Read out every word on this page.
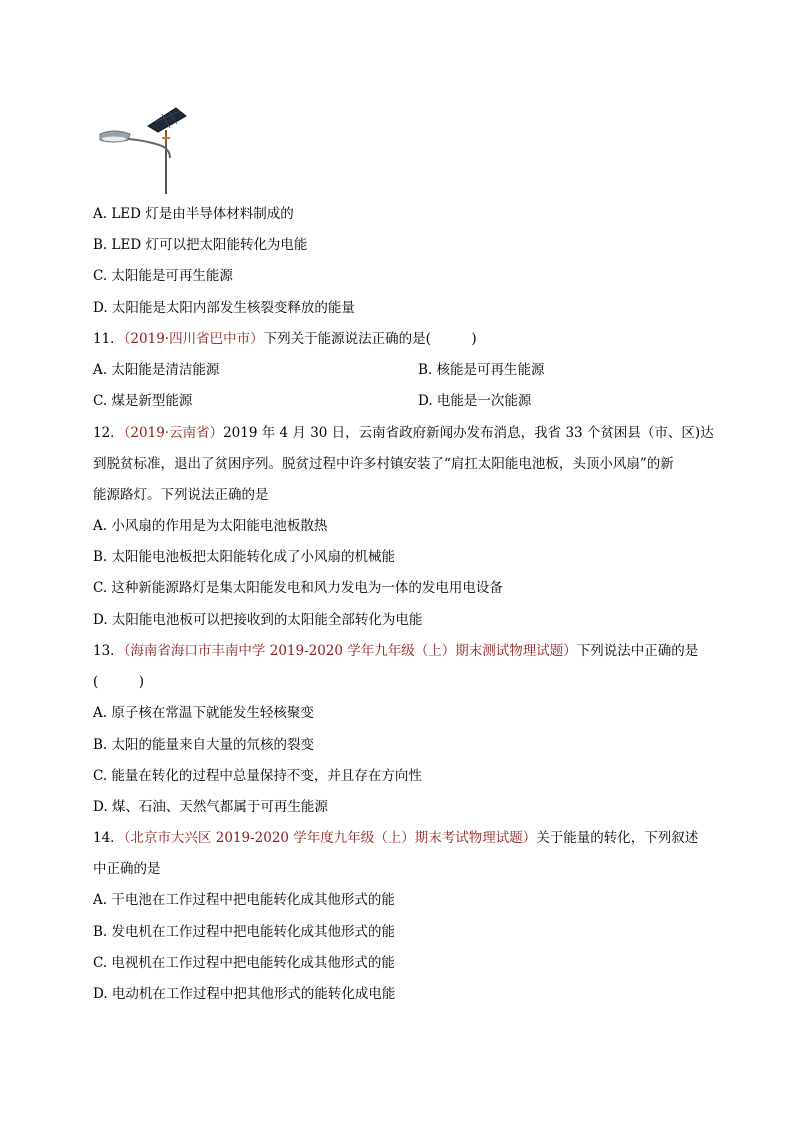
A. LED 灯是由半导体材料制成的
B. LED 灯可以把太阳能转化为电能
C. 太阳能是可再生能源
D. 太阳能是太阳内部发生核裂变释放的能量
11．（2019·四川省巴中市）下列关于能源说法正确的是(　　　)
A. 太阳能是清洁能源	B. 核能是可再生能源
C. 煤是新型能源	D. 电能是一次能源
12．（2019·云南省）2019 年 4 月 30 日，云南省政府新闻办发布消息，我省 33 个贫困县（市、区)达
到脱贫标准，退出了贫困序列。脱贫过程中许多村镇安装了“肩扛太阳能电池板，头顶小风扇”的新
能源路灯。下列说法正确的是
A. 小风扇的作用是为太阳能电池板散热
B. 太阳能电池板把太阳能转化成了小风扇的机械能
C. 这种新能源路灯是集太阳能发电和风力发电为一体的发电用电设备
D. 太阳能电池板可以把接收到的太阳能全部转化为电能
13．（海南省海口市丰南中学 2019-2020 学年九年级（上）期末测试物理试题）下列说法中正确的是
(　　　)
A. 原子核在常温下就能发生轻核聚变
B. 太阳的能量来自大量的氘核的裂变
C. 能量在转化的过程中总量保持不变，并且存在方向性
D. 煤、石油、天然气都属于可再生能源
14．（北京市大兴区 2019-2020 学年度九年级（上）期末考试物理试题）关于能量的转化，下列叙述
中正确的是
A. 干电池在工作过程中把电能转化成其他形式的能
B. 发电机在工作过程中把电能转化成其他形式的能
C. 电视机在工作过程中把电能转化成其他形式的能
D. 电动机在工作过程中把其他形式的能转化成电能
